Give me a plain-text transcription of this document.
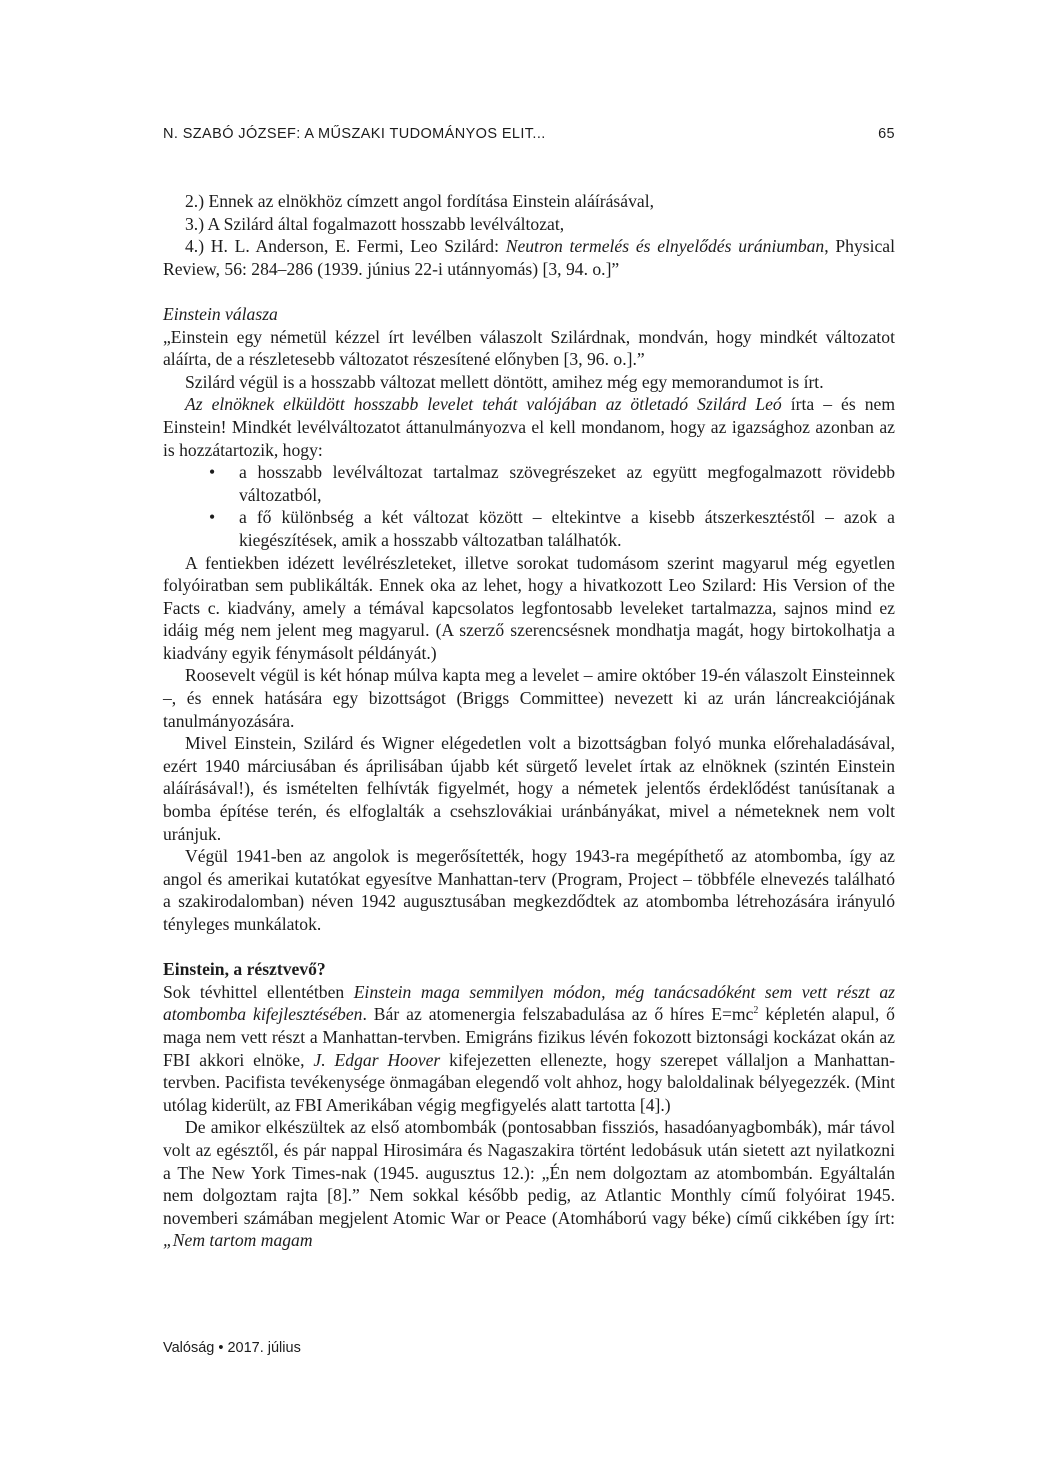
N. SZABÓ JÓZSEF: A MŰSZAKI TUDOMÁNYOS ELIT...	65

2.) Ennek az elnökhöz címzett angol fordítása Einstein aláírásával,

3.) A Szilárd által fogalmazott hosszabb levélváltozat,

4.) H. L. Anderson, E. Fermi, Leo Szilárd: Neutron termelés és elnyelődés urániumban, Physical Review, 56: 284–286 (1939. június 22-i utánnyomás) [3, 94. o.]”

Einstein válasza

„Einstein egy németül kézzel írt levélben válaszolt Szilárdnak, mondván, hogy mindkét változatot aláírta, de a részletesebb változatot részesítené előnyben [3, 96. o.].”

Szilárd végül is a hosszabb változat mellett döntött, amihez még egy memorandumot is írt.

Az elnöknek elküldött hosszabb levelet tehát valójában az ötletadó Szilárd Leó írta – és nem Einstein! Mindkét levélváltozatot áttanulmányozva el kell mondanom, hogy az igazsághoz azonban az is hozzátartozik, hogy:

• a hosszabb levélváltozat tartalmaz szövegrészeket az együtt megfogalmazott rövidebb változatból,
• a fő különbség a két változat között – eltekintve a kisebb átszerkesztéstől – azok a kiegészítések, amik a hosszabb változatban találhatók.

A fentiekben idézett levélrészleteket, illetve sorokat tudomásom szerint magyarul még egyetlen folyóiratban sem publikálták. Ennek oka az lehet, hogy a hivatkozott Leo Szilard: His Version of the Facts c. kiadvány, amely a témával kapcsolatos legfontosabb leveleket tartalmazza, sajnos mind ez idáig még nem jelent meg magyarul. (A szerző szerencsésnek mondhatja magát, hogy birtokolhatja a kiadvány egyik fénymásolt példányát.)

Roosevelt végül is két hónap múlva kapta meg a levelet – amire október 19-én válaszolt Einsteinnek –, és ennek hatására egy bizottságot (Briggs Committee) nevezett ki az urán láncreakciójának tanulmányozására.

Mivel Einstein, Szilárd és Wigner elégedetlen volt a bizottságban folyó munka előrehaladásával, ezért 1940 márciusában és áprilisában újabb két sürgető levelet írtak az elnöknek (szintén Einstein aláírásával!), és ismételten felhívták figyelmét, hogy a németek jelentős érdeklődést tanúsítanak a bomba építése terén, és elfoglalták a csehszlovákiai uránbányákat, mivel a németeknek nem volt uránjuk.

Végül 1941-ben az angolok is megerősítették, hogy 1943-ra megépíthető az atombomba, így az angol és amerikai kutatókat egyesítve Manhattan-terv (Program, Project – többféle elnevezés található a szakirodalomban) néven 1942 augusztusában megkezdődtek az atombomba létrehozására irányuló tényleges munkálatok.

Einstein, a résztvevő?

Sok tévhittel ellentétben Einstein maga semmilyen módon, még tanácsadóként sem vett részt az atombomba kifejlesztésében. Bár az atomenergia felszabadulása az ő híres $E=mc^2$ képletén alapul, ő maga nem vett részt a Manhattan-tervben. Emigráns fizikus lévén fokozott biztonsági kockázat okán az FBI akkori elnöke, J. Edgar Hoover kifejezetten ellenezte, hogy szerepet vállaljon a Manhattan-tervben. Pacifista tevékenysége önmagában elegendő volt ahhoz, hogy baloldalinak bélyegezzék. (Mint utólag kiderült, az FBI Amerikában végig megfigyelés alatt tartotta [4].)

De amikor elkészültek az első atombombák (pontosabban fissziós, hasadóanyagbombák), már távol volt az egésztől, és pár nappal Hirosimára és Nagaszakira történt ledobásuk után sietett azt nyilatkozni a The New York Times-nak (1945. augusztus 12.): „Én nem dolgoztam az atombombán. Egyáltalán nem dolgoztam rajta [8].” Nem sokkal később pedig, az Atlantic Monthly című folyóirat 1945. novemberi számában megjelent Atomic War or Peace (Atomháború vagy béke) című cikkében így írt: „Nem tartom magam

Valóság • 2017. július
